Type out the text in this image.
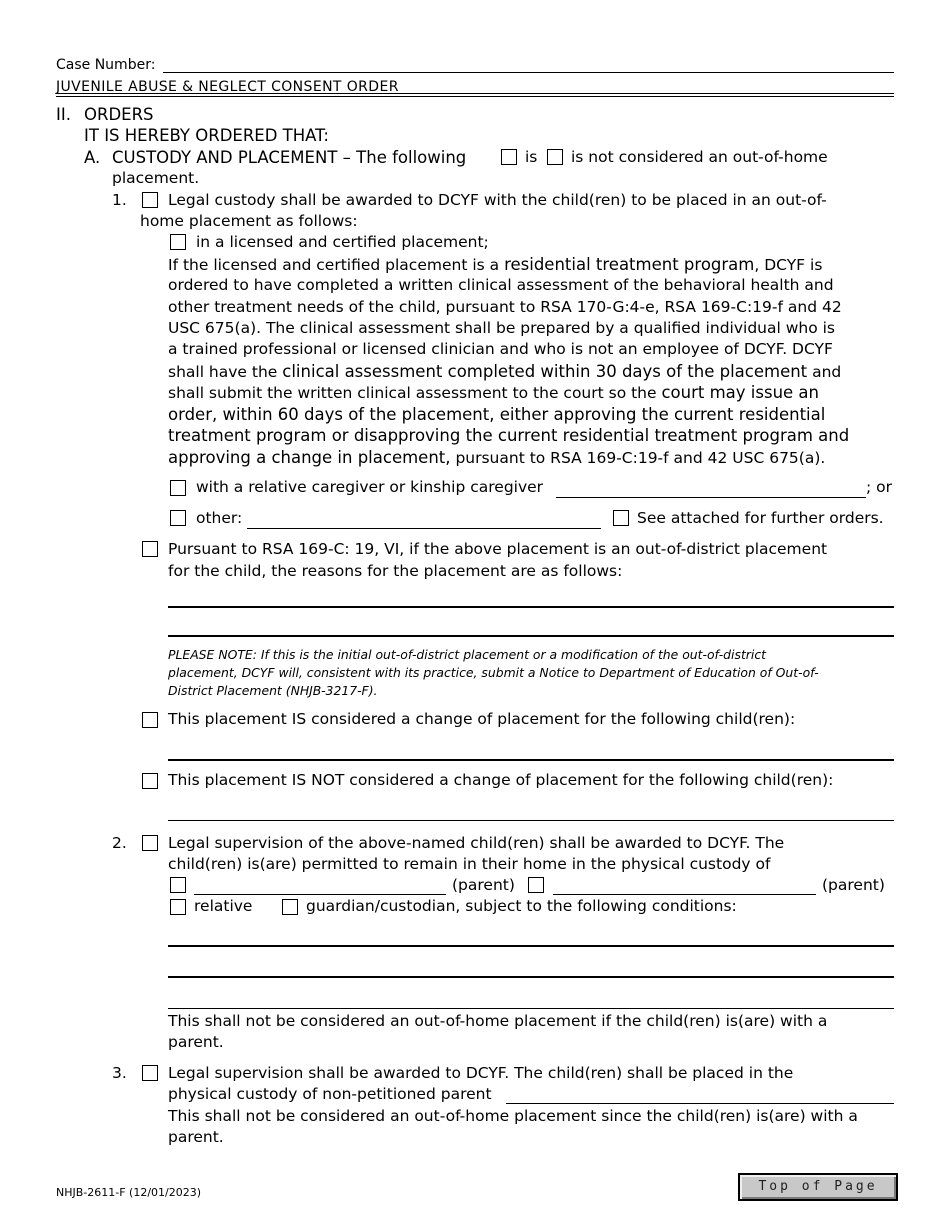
Case Number:
JUVENILE ABUSE & NEGLECT CONSENT ORDER
II. ORDERS
IT IS HEREBY ORDERED THAT:
A. CUSTODY AND PLACEMENT – The following	is is not considered an out-of-home
placement.
1.	Legal custody shall be awarded to DCYF with the child(ren) to be placed in an out-of-
home placement as follows:
in a licensed and certified placement;
If the licensed and certified placement is a residential treatment program, DCYF is
ordered to have completed a written clinical assessment of the behavioral health and
other treatment needs of the child, pursuant to RSA 170-G:4-e, RSA 169-C:19-f and 42
USC 675(a). The clinical assessment shall be prepared by a qualified individual who is
a trained professional or licensed clinician and who is not an employee of DCYF. DCYF
shall have the clinical assessment completed within 30 days of the placement and
shall submit the written clinical assessment to the court so the court may issue an
order, within 60 days of the placement, either approving the current residential
treatment program or disapproving the current residential treatment program and
approving a change in placement, pursuant to RSA 169-C:19-f and 42 USC 675(a).
with a relative caregiver or kinship caregiver	; or
other:	See attached for further orders.
Pursuant to RSA 169-C: 19, VI, if the above placement is an out-of-district placement
for the child, the reasons for the placement are as follows:
PLEASE NOTE: If this is the initial out-of-district placement or a modification of the out-of-district
placement, DCYF will, consistent with its practice, submit a Notice to Department of Education of Out-of-
District Placement (NHJB-3217-F).
This placement IS considered a change of placement for the following child(ren):
This placement IS NOT considered a change of placement for the following child(ren):
2.	Legal supervision of the above-named child(ren) shall be awarded to DCYF. The
child(ren) is(are) permitted to remain in their home in the physical custody of
(parent)	(parent)
relative	guardian/custodian, subject to the following conditions:
This shall not be considered an out-of-home placement if the child(ren) is(are) with a
parent.
3.	Legal supervision shall be awarded to DCYF. The child(ren) shall be placed in the
physical custody of non-petitioned parent
This shall not be considered an out-of-home placement since the child(ren) is(are) with a
parent.
NHJB-2611-F (12/01/2023)	Top of Page
